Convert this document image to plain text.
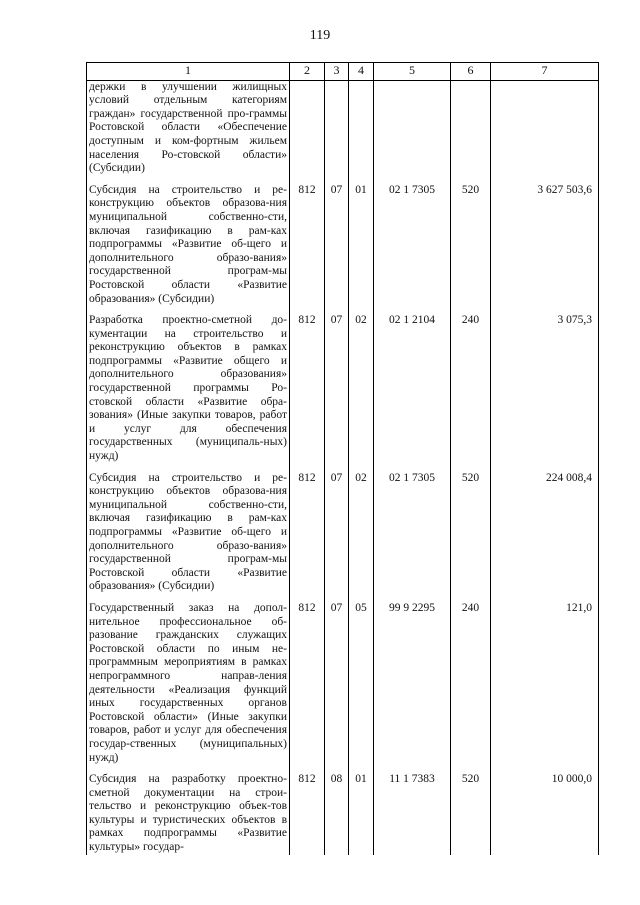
119
1	2	3	4	5	6	7
держки в улучшении жилищных условий отдельным категориям граждан» государственной про-граммы Ростовской области «Обеспечение доступным и ком-фортным жильем населения Ро-стовской области» (Субсидии)						
Субсидия на строительство и ре-конструкцию объектов образова-ния муниципальной собственно-сти, включая газификацию в рам-ках подпрограммы «Развитие об-щего и дополнительного образо-вания» государственной програм-мы Ростовской области «Развитие образования» (Субсидии)	812	07	01	02 1 7305	520	3 627 503,6
Разработка проектно-сметной до-кументации на строительство и реконструкцию объектов в рамках подпрограммы «Развитие общего и дополнительного образования» государственной программы Ро-стовской области «Развитие обра-зования» (Иные закупки товаров, работ и услуг для обеспечения государственных (муниципаль-ных) нужд)	812	07	02	02 1 2104	240	3 075,3
Субсидия на строительство и ре-конструкцию объектов образова-ния муниципальной собственно-сти, включая газификацию в рам-ках подпрограммы «Развитие об-щего и дополнительного образо-вания» государственной програм-мы Ростовской области «Развитие образования» (Субсидии)	812	07	02	02 1 7305	520	224 008,4
Государственный заказ на допол-нительное профессиональное об-разование гражданских служащих Ростовской области по иным не-программным мероприятиям в рамках непрограммного направ-ления деятельности «Реализация функций иных государственных органов Ростовской области» (Иные закупки товаров, работ и услуг для обеспечения государ-ственных (муниципальных) нужд)	812	07	05	99 9 2295	240	121,0
Субсидия на разработку проектно-сметной документации на строи-тельство и реконструкцию объек-тов культуры и туристических объектов в рамках подпрограммы «Развитие культуры» государ-	812	08	01	11 1 7383	520	10 000,0
